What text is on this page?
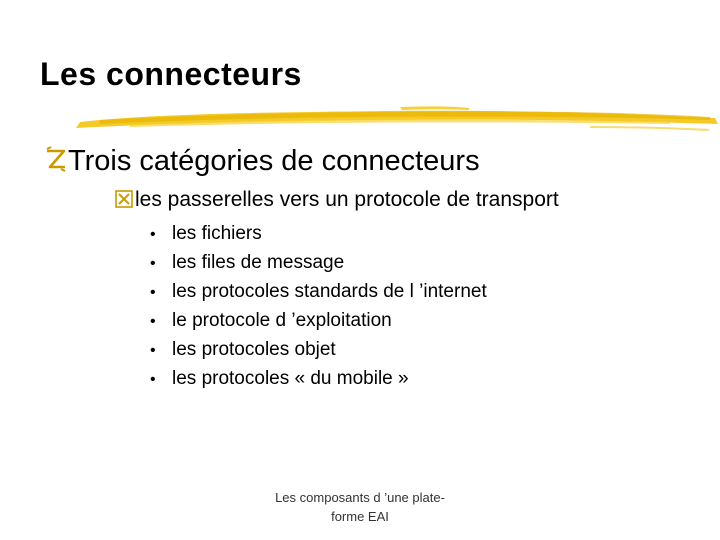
Les connecteurs
Trois catégories de connecteurs
les passerelles vers un protocole de transport
• les fichiers
• les files de message
• les protocoles standards de l ’internet
• le protocole d ’exploitation
• les protocoles objet
• les protocoles « du mobile »
Les composants d ’une plate-
forme EAI
